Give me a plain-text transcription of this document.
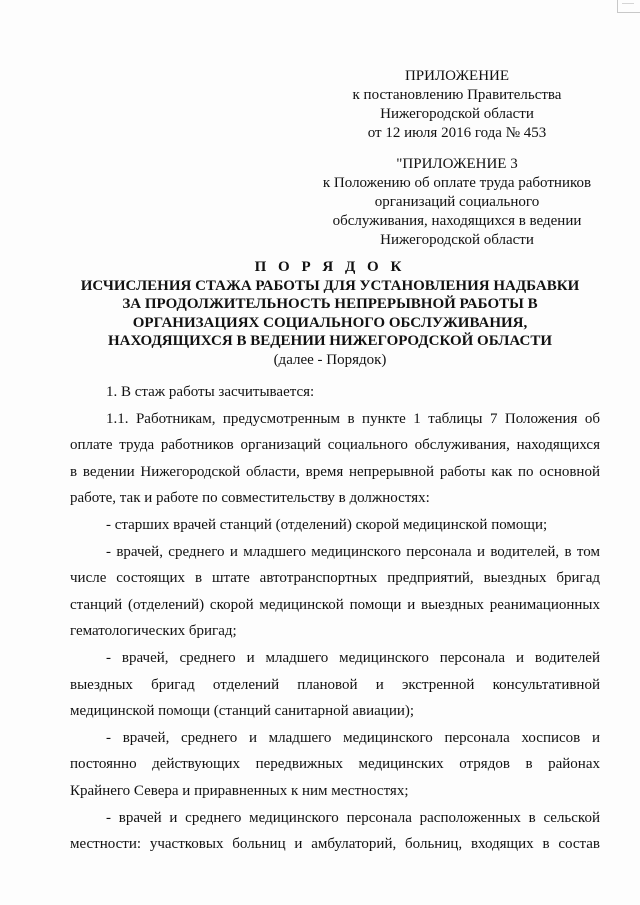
ПРИЛОЖЕНИЕ
к постановлению Правительства
Нижегородской области
от 12 июля 2016 года № 453
"ПРИЛОЖЕНИЕ 3
к Положению об оплате труда работников
организаций социального
обслуживания, находящихся в ведении
Нижегородской области
П О Р Я Д О К
ИСЧИСЛЕНИЯ СТАЖА РАБОТЫ ДЛЯ УСТАНОВЛЕНИЯ НАДБАВКИ
ЗА ПРОДОЛЖИТЕЛЬНОСТЬ НЕПРЕРЫВНОЙ РАБОТЫ В
ОРГАНИЗАЦИЯХ СОЦИАЛЬНОГО ОБСЛУЖИВАНИЯ,
НАХОДЯЩИХСЯ В ВЕДЕНИИ НИЖЕГОРОДСКОЙ ОБЛАСТИ
(далее - Порядок)
1. В стаж работы засчитывается:
1.1. Работникам, предусмотренным в пункте 1 таблицы 7 Положения об
оплате труда работников организаций социального обслуживания, находящихся
в ведении Нижегородской области, время непрерывной работы как по основной
работе, так и работе по совместительству в должностях:
- старших врачей станций (отделений) скорой медицинской помощи;
- врачей, среднего и младшего медицинского персонала и водителей, в том
числе состоящих в штате автотранспортных предприятий, выездных бригад
станций (отделений) скорой медицинской помощи и выездных реанимационных
гематологических бригад;
- врачей, среднего и младшего медицинского персонала и водителей
выездных бригад отделений плановой и экстренной консультативной
медицинской помощи (станций санитарной авиации);
- врачей, среднего и младшего медицинского персонала хосписов и
постоянно действующих передвижных медицинских отрядов в районах
Крайнего Севера и приравненных к ним местностях;
- врачей и среднего медицинского персонала расположенных в сельской
местности: участковых больниц и амбулаторий, больниц, входящих в состав
